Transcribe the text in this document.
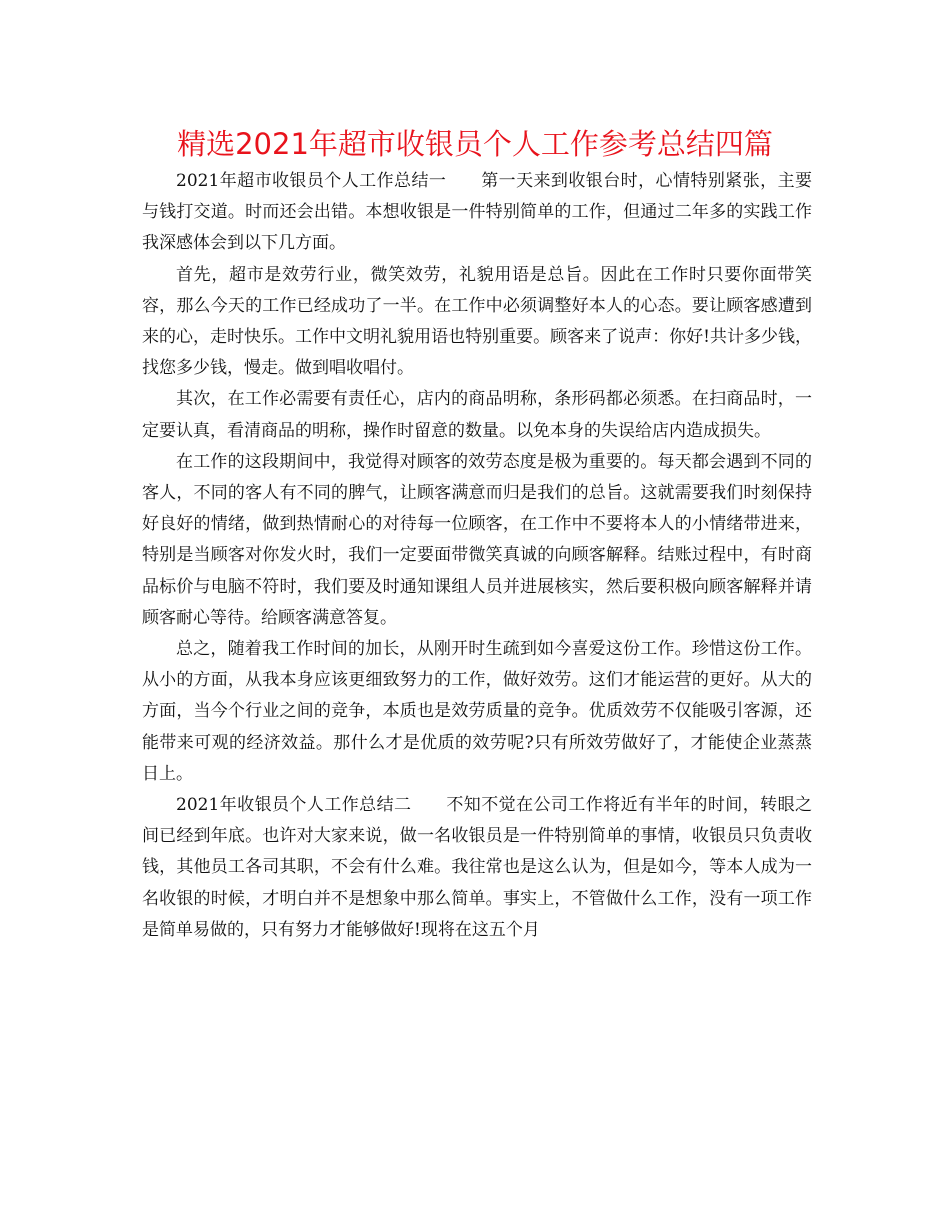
精选2021年超市收银员个人工作参考总结四篇

2021年超市收银员个人工作总结一　　第一天来到收银台时，心情特别紧张，主要与钱打交道。时而还会出错。本想收银是一件特别简单的工作，但通过二年多的实践工作我深感体会到以下几方面。

首先，超市是效劳行业，微笑效劳，礼貌用语是总旨。因此在工作时只要你面带笑容，那么今天的工作已经成功了一半。在工作中必须调整好本人的心态。要让顾客感遭到来的心，走时快乐。工作中文明礼貌用语也特别重要。顾客来了说声：你好!共计多少钱，找您多少钱，慢走。做到唱收唱付。

其次，在工作必需要有责任心，店内的商品明称，条形码都必须悉。在扫商品时，一定要认真，看清商品的明称，操作时留意的数量。以免本身的失误给店内造成损失。

在工作的这段期间中，我觉得对顾客的效劳态度是极为重要的。每天都会遇到不同的客人，不同的客人有不同的脾气，让顾客满意而归是我们的总旨。这就需要我们时刻保持好良好的情绪，做到热情耐心的对待每一位顾客，在工作中不要将本人的小情绪带进来，特别是当顾客对你发火时，我们一定要面带微笑真诚的向顾客解释。结账过程中，有时商品标价与电脑不符时，我们要及时通知课组人员并进展核实，然后要积极向顾客解释并请顾客耐心等待。给顾客满意答复。

总之，随着我工作时间的加长，从刚开时生疏到如今喜爱这份工作。珍惜这份工作。从小的方面，从我本身应该更细致努力的工作，做好效劳。这们才能运营的更好。从大的方面，当今个行业之间的竞争，本质也是效劳质量的竞争。优质效劳不仅能吸引客源，还能带来可观的经济效益。那什么才是优质的效劳呢?只有所效劳做好了，才能使企业蒸蒸日上。

2021年收银员个人工作总结二　　不知不觉在公司工作将近有半年的时间，转眼之间已经到年底。也许对大家来说，做一名收银员是一件特别简单的事情，收银员只负责收钱，其他员工各司其职，不会有什么难。我往常也是这么认为，但是如今，等本人成为一名收银的时候，才明白并不是想象中那么简单。事实上，不管做什么工作，没有一项工作是简单易做的，只有努力才能够做好!现将在这五个月
